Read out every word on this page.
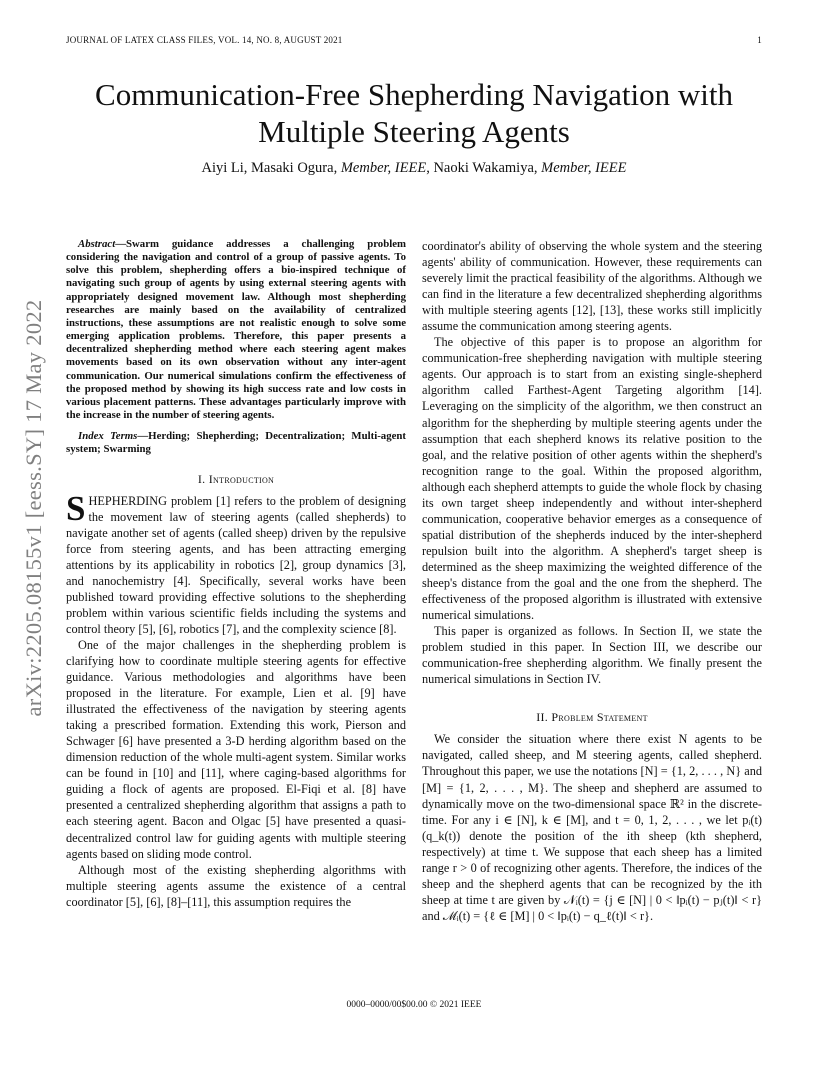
JOURNAL OF LATEX CLASS FILES, VOL. 14, NO. 8, AUGUST 2021	1
arXiv:2205.08155v1 [eess.SY] 17 May 2022
Communication-Free Shepherding Navigation with Multiple Steering Agents
Aiyi Li, Masaki Ogura, Member, IEEE, Naoki Wakamiya, Member, IEEE

Abstract—Swarm guidance addresses a challenging problem considering the navigation and control of a group of passive agents. To solve this problem, shepherding offers a bio-inspired technique of navigating such group of agents by using external steering agents with appropriately designed movement law. Although most shepherding researches are mainly based on the availability of centralized instructions, these assumptions are not realistic enough to solve some emerging application problems. Therefore, this paper presents a decentralized shepherding method where each steering agent makes movements based on its own observation without any inter-agent communication. Our numerical simulations confirm the effectiveness of the proposed method by showing its high success rate and low costs in various placement patterns. These advantages particularly improve with the increase in the number of steering agents.

Index Terms—Herding; Shepherding; Decentralization; Multi-agent system; Swarming

I. Introduction

SHEPHERDING problem [1] refers to the problem of designing the movement law of steering agents (called shepherds) to navigate another set of agents (called sheep) driven by the repulsive force from steering agents, and has been attracting emerging attentions by its applicability in robotics [2], group dynamics [3], and nanochemistry [4]. Specifically, several works have been published toward providing effective solutions to the shepherding problem within various scientific fields including the systems and control theory [5], [6], robotics [7], and the complexity science [8].

One of the major challenges in the shepherding problem is clarifying how to coordinate multiple steering agents for effective guidance. Various methodologies and algorithms have been proposed in the literature. For example, Lien et al. [9] have illustrated the effectiveness of the navigation by steering agents taking a prescribed formation. Extending this work, Pierson and Schwager [6] have presented a 3-D herding algorithm based on the dimension reduction of the whole multi-agent system. Similar works can be found in [10] and [11], where caging-based algorithms for guiding a flock of agents are proposed. El-Fiqi et al. [8] have presented a centralized shepherding algorithm that assigns a path to each steering agent. Bacon and Olgac [5] have presented a quasi-decentralized control law for guiding agents with multiple steering agents based on sliding mode control.

Although most of the existing shepherding algorithms with multiple steering agents assume the existence of a central coordinator [5], [6], [8]–[11], this assumption requires the

coordinator's ability of observing the whole system and the steering agents' ability of communication. However, these requirements can severely limit the practical feasibility of the algorithms. Although we can find in the literature a few decentralized shepherding algorithms with multiple steering agents [12], [13], these works still implicitly assume the communication among steering agents.

The objective of this paper is to propose an algorithm for communication-free shepherding navigation with multiple steering agents. Our approach is to start from an existing single-shepherd algorithm called Farthest-Agent Targeting algorithm [14]. Leveraging on the simplicity of the algorithm, we then construct an algorithm for the shepherding by multiple steering agents under the assumption that each shepherd knows its relative position to the goal, and the relative position of other agents within the shepherd's recognition range to the goal. Within the proposed algorithm, although each shepherd attempts to guide the whole flock by chasing its own target sheep independently and without inter-shepherd communication, cooperative behavior emerges as a consequence of spatial distribution of the shepherds induced by the inter-shepherd repulsion built into the algorithm. A shepherd's target sheep is determined as the sheep maximizing the weighted difference of the sheep's distance from the goal and the one from the shepherd. The effectiveness of the proposed algorithm is illustrated with extensive numerical simulations.

This paper is organized as follows. In Section II, we state the problem studied in this paper. In Section III, we describe our communication-free shepherding algorithm. We finally present the numerical simulations in Section IV.

II. Problem Statement

We consider the situation where there exist N agents to be navigated, called sheep, and M steering agents, called shepherd. Throughout this paper, we use the notations [N] = {1, 2, . . . , N} and [M] = {1, 2, . . . , M}. The sheep and shepherd are assumed to dynamically move on the two-dimensional space ℝ² in the discrete-time. For any i ∈ [N], k ∈ [M], and t = 0, 1, 2, . . . , we let pᵢ(t) (q_k(t)) denote the position of the ith sheep (kth shepherd, respectively) at time t. We suppose that each sheep has a limited range r > 0 of recognizing other agents. Therefore, the indices of the sheep and the shepherd agents that can be recognized by the ith sheep at time t are given by 𝒩ᵢ(t) = {j ∈ [N] | 0 < ‖pᵢ(t) − pⱼ(t)‖ < r} and ℳᵢ(t) = {ℓ ∈ [M] | 0 < ‖pᵢ(t) − q_ℓ(t)‖ < r}.

0000–0000/00$00.00 © 2021 IEEE
